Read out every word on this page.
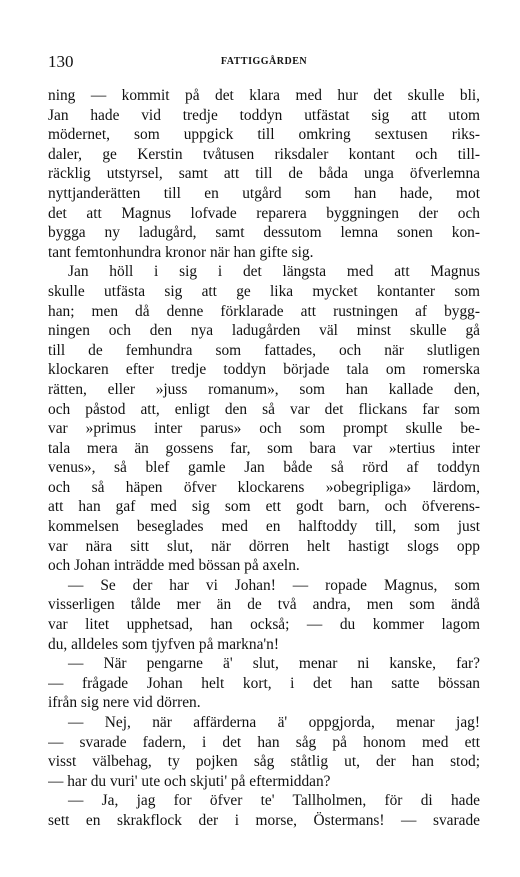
130	FATTIGGÅRDEN
ning — kommit på det klara med hur det skulle bli,
Jan hade vid tredje toddyn utfästat sig att utom
mödernet, som uppgick till omkring sextusen riks-
daler, ge Kerstin tvåtusen riksdaler kontant och till-
räcklig utstyrsel, samt att till de båda unga öfverlemna
nyttjanderätten till en utgård som han hade, mot
det att Magnus lofvade reparera byggningen der och
bygga ny ladugård, samt dessutom lemna sonen kon-
tant femtonhundra kronor när han gifte sig.
Jan höll i sig i det längsta med att Magnus
skulle utfästa sig att ge lika mycket kontanter som
han; men då denne förklarade att rustningen af bygg-
ningen och den nya ladugården väl minst skulle gå
till de femhundra som fattades, och när slutligen
klockaren efter tredje toddyn började tala om romerska
rätten, eller »juss romanum», som han kallade den,
och påstod att, enligt den så var det flickans far som
var »primus inter parus» och som prompt skulle be-
tala mera än gossens far, som bara var »tertius inter
venus», så blef gamle Jan både så rörd af toddyn
och så häpen öfver klockarens »obegripliga» lärdom,
att han gaf med sig som ett godt barn, och öfverens-
kommelsen beseglades med en halftoddy till, som just
var nära sitt slut, när dörren helt hastigt slogs opp
och Johan inträdde med bössan på axeln.
— Se der har vi Johan! — ropade Magnus, som
visserligen tålde mer än de två andra, men som ändå
var litet upphetsad, han också; — du kommer lagom
du, alldeles som tjyfven på markna'n!
— När pengarne ä' slut, menar ni kanske, far?
— frågade Johan helt kort, i det han satte bössan
ifrån sig nere vid dörren.
— Nej, när affärderna ä' oppgjorda, menar jag!
— svarade fadern, i det han såg på honom med ett
visst välbehag, ty pojken såg ståtlig ut, der han stod;
— har du vuri' ute och skjuti' på eftermiddan?
— Ja, jag for öfver te' Tallholmen, för di hade
sett en skrakflock der i morse, Östermans! — svarade
